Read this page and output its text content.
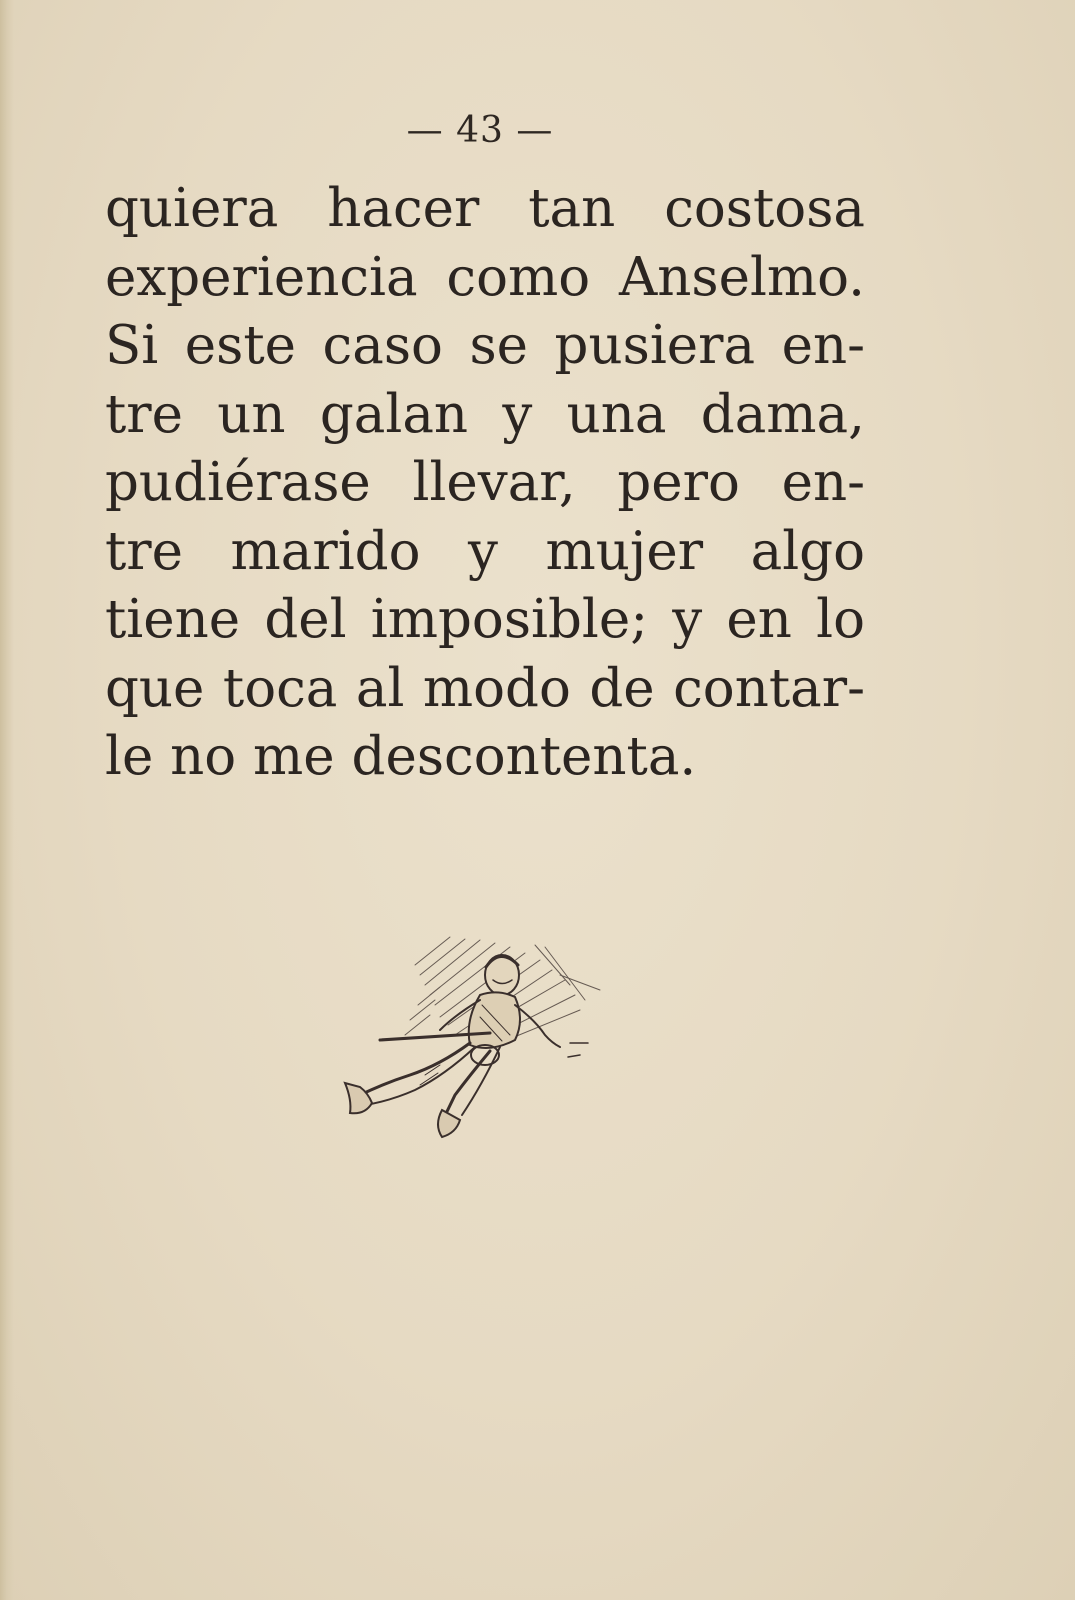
— 43 —
quiera hacer tan costosa
experiencia como Anselmo.
Si este caso se pusiera en-
tre un galan y una dama,
pudiérase llevar, pero en-
tre marido y mujer algo
tiene del imposible; y en lo
que toca al modo de contar-
le no me descontenta.
